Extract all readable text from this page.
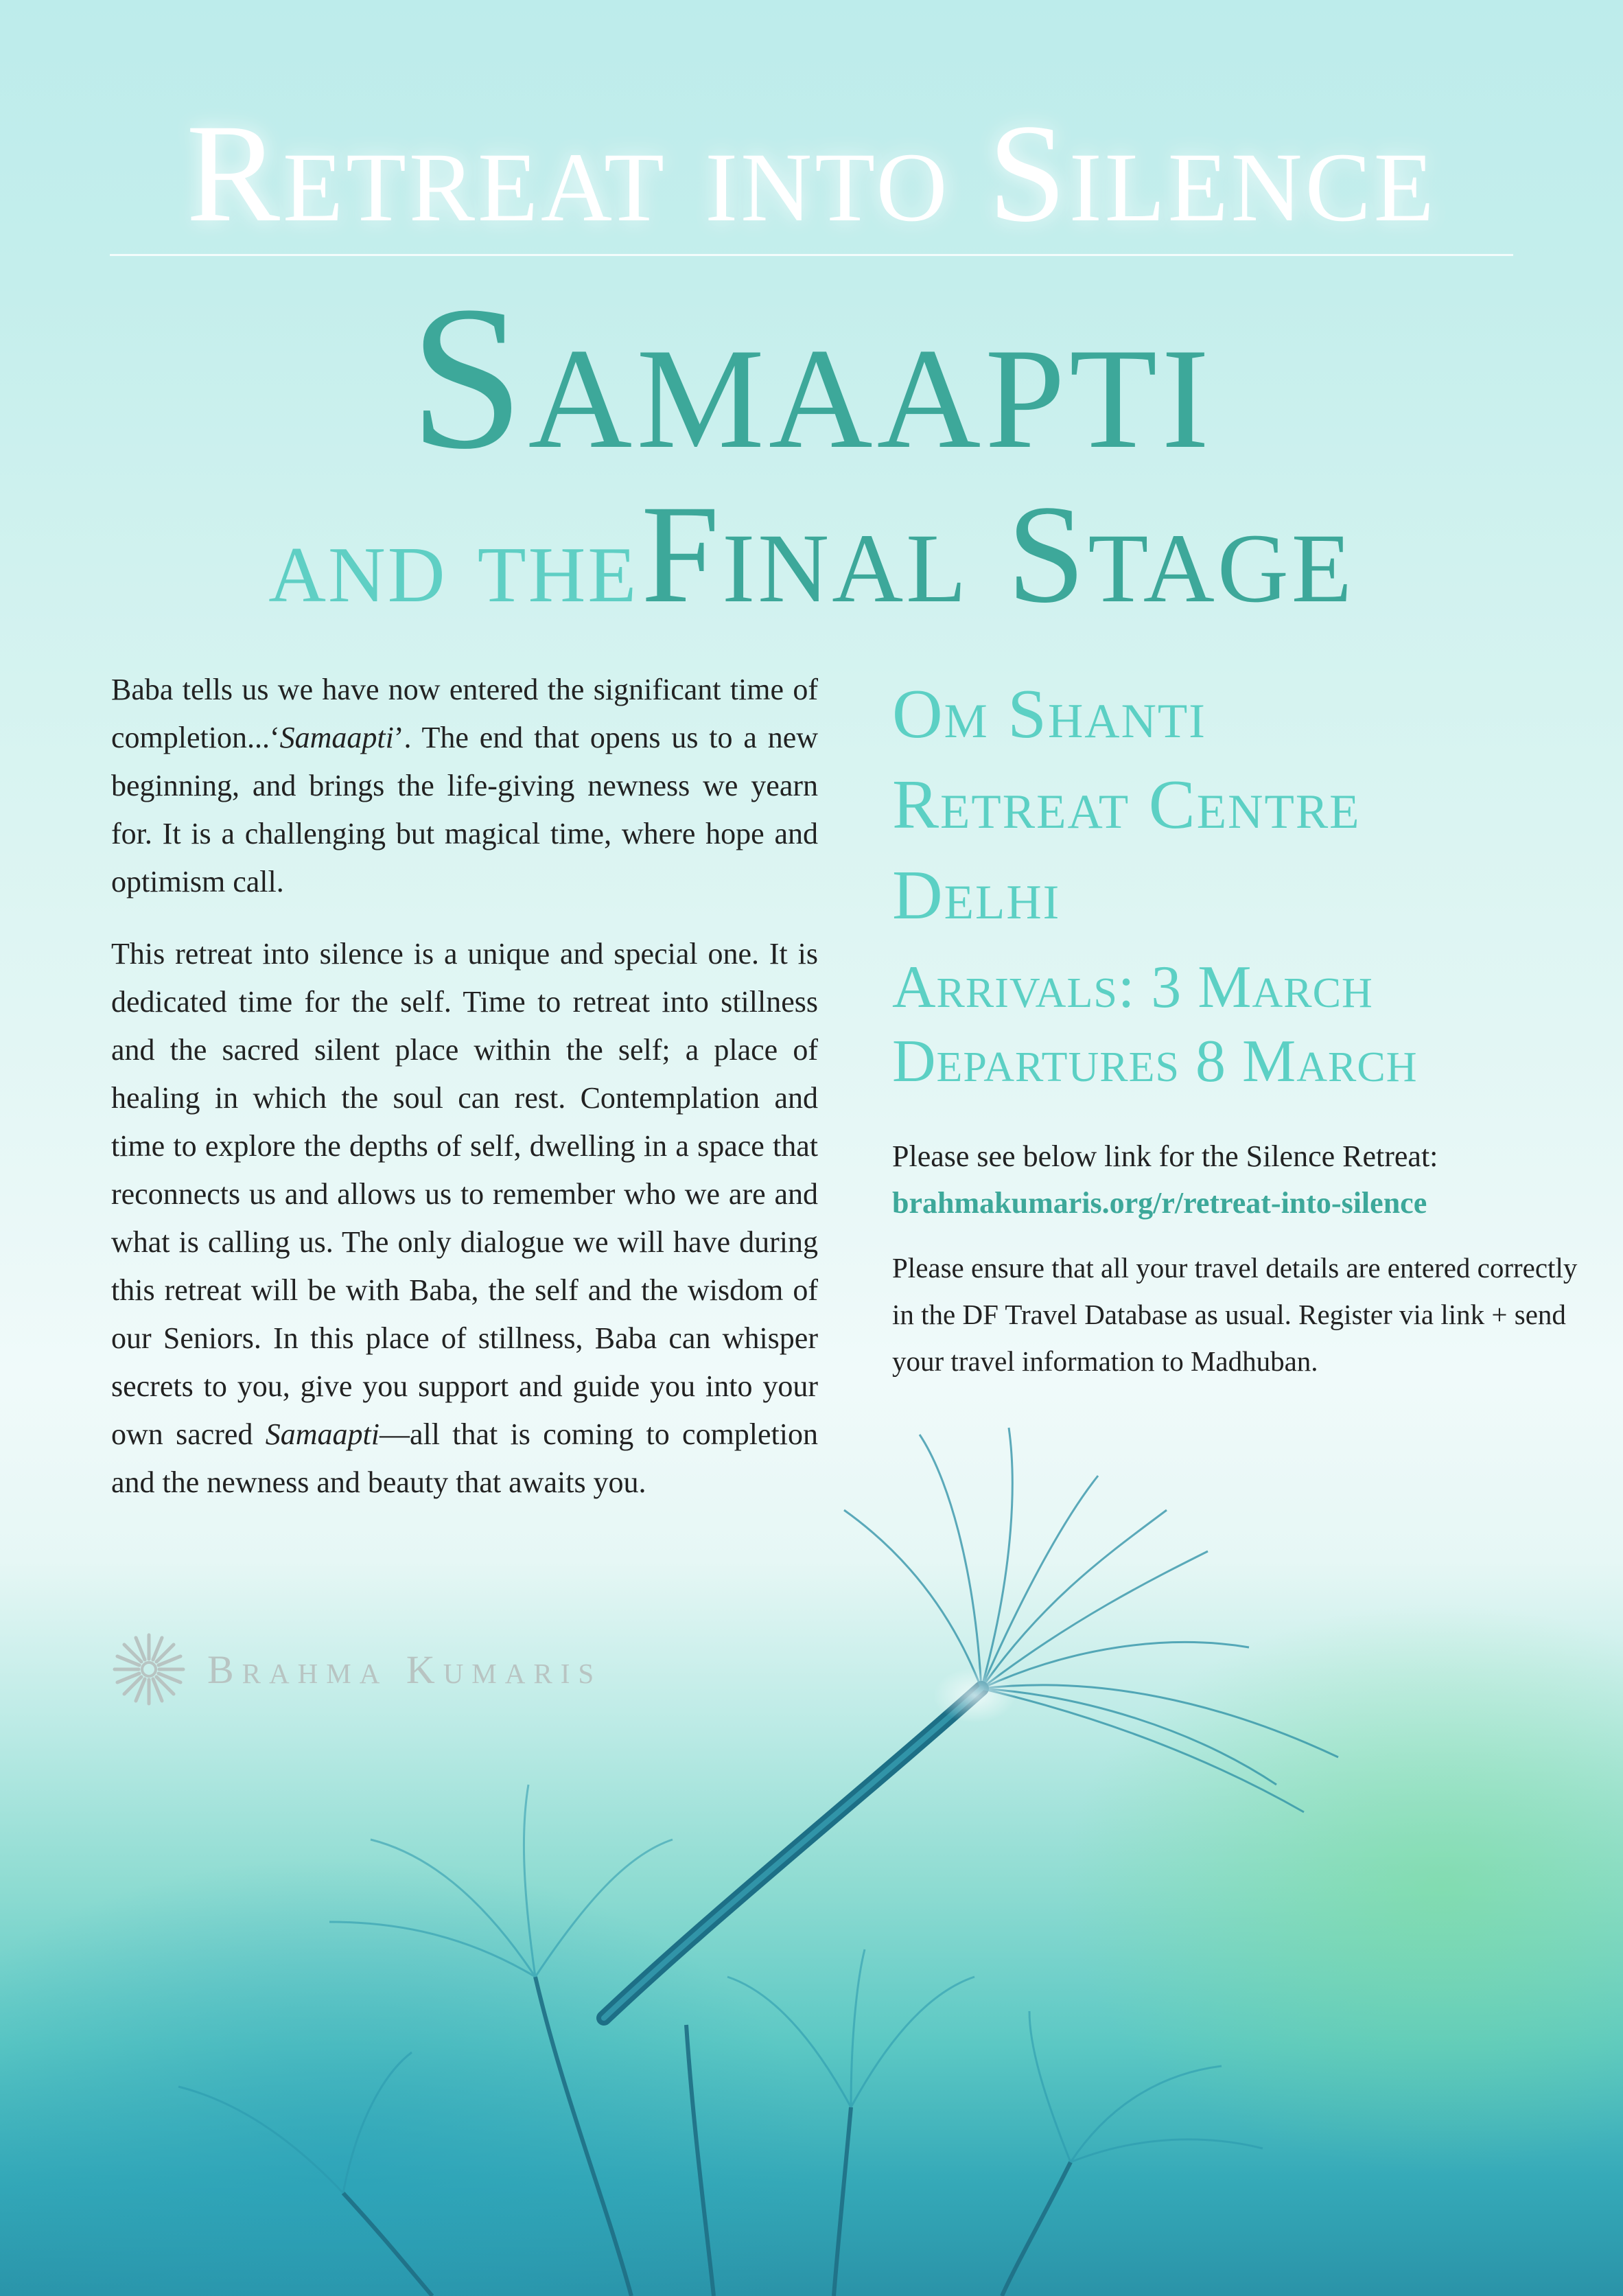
Retreat into Silence
Samaapti
and the Final Stage

Baba tells us we have now entered the significant time of completion...‘Samaapti’. The end that opens us to a new beginning, and brings the life-giving newness we yearn for. It is a challenging but magical time, where hope and optimism call.

This retreat into silence is a unique and special one. It is dedicated time for the self. Time to retreat into stillness and the sacred silent place within the self; a place of healing in which the soul can rest. Contemplation and time to explore the depths of self, dwelling in a space that reconnects us and allows us to remember who we are and what is calling us. The only dialogue we will have during this retreat will be with Baba, the self and the wisdom of our Seniors. In this place of stillness, Baba can whisper secrets to you, give you support and guide you into your own sacred Samaapti—all that is coming to completion and the newness and beauty that awaits you.

Om Shanti
Retreat Centre
Delhi
Arrivals: 3 March
Departures 8 March
Please see below link for the Silence Retreat:
brahmakumaris.org/r/retreat-into-silence
Please ensure that all your travel details are entered correctly in the DF Travel Database as usual. Register via link + send your travel information to Madhuban.
Brahma Kumaris
